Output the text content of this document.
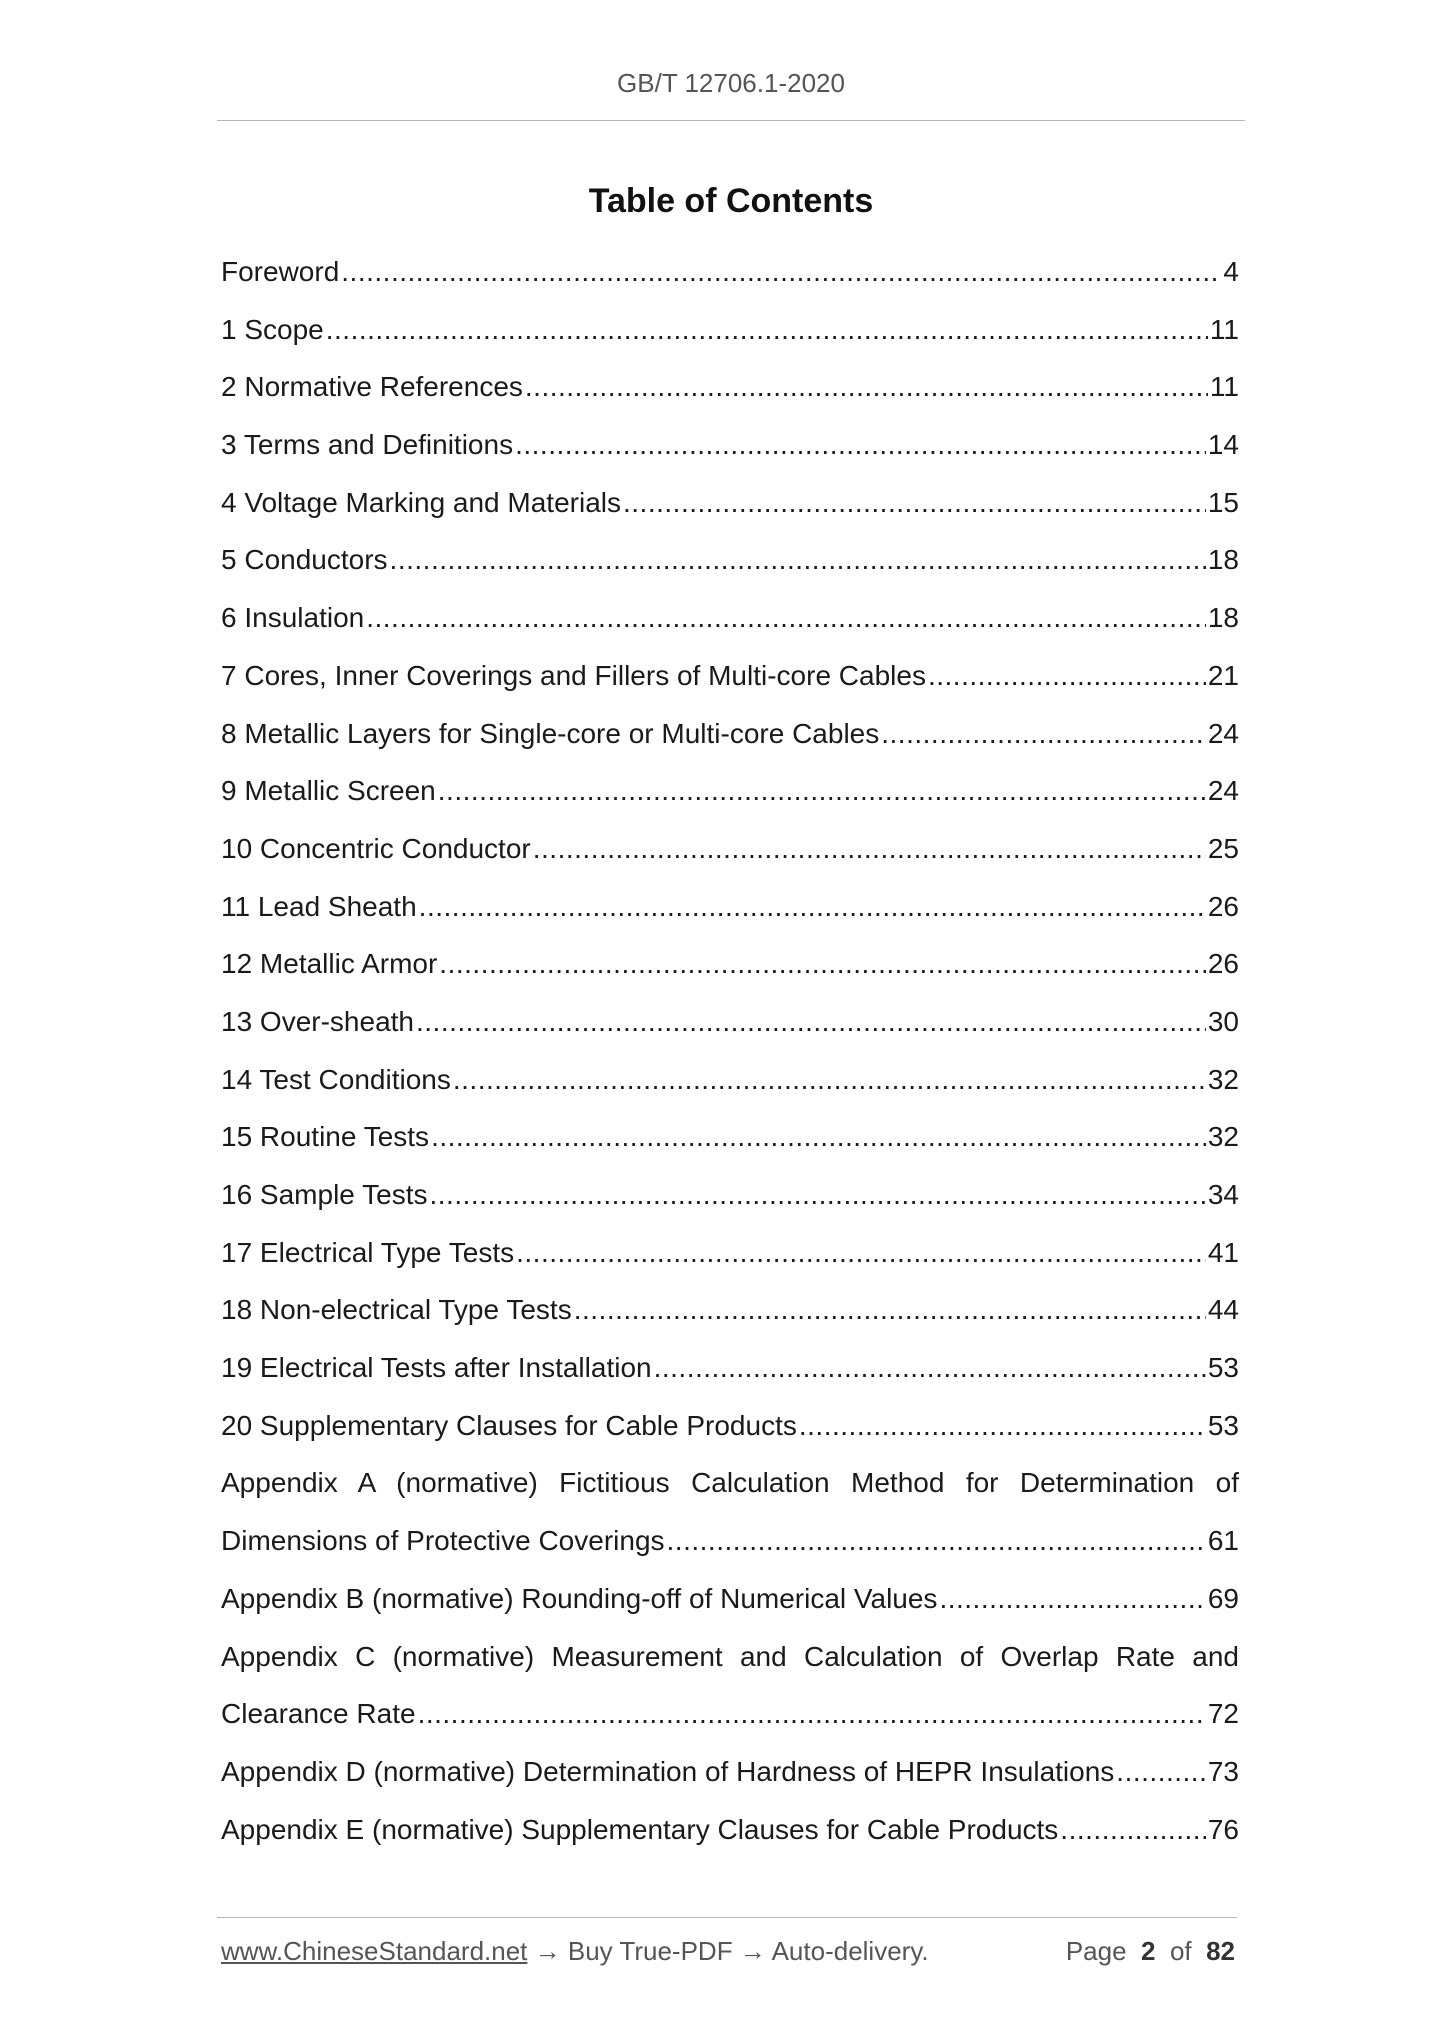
GB/T 12706.1-2020
Table of Contents
Foreword .....	4
1 Scope .....	11
2 Normative References .....	11
3 Terms and Definitions .....	14
4 Voltage Marking and Materials .....	15
5 Conductors .....	18
6 Insulation .....	18
7 Cores, Inner Coverings and Fillers of Multi-core Cables .....	21
8 Metallic Layers for Single-core or Multi-core Cables .....	24
9 Metallic Screen .....	24
10 Concentric Conductor .....	25
11 Lead Sheath .....	26
12 Metallic Armor .....	26
13 Over-sheath .....	30
14 Test Conditions .....	32
15 Routine Tests .....	32
16 Sample Tests .....	34
17 Electrical Type Tests .....	41
18 Non-electrical Type Tests .....	44
19 Electrical Tests after Installation .....	53
20 Supplementary Clauses for Cable Products .....	53
Appendix A (normative) Fictitious Calculation Method for Determination of
Dimensions of Protective Coverings .....	61
Appendix B (normative) Rounding-off of Numerical Values .....	69
Appendix C (normative) Measurement and Calculation of Overlap Rate and
Clearance Rate .....	72
Appendix D (normative) Determination of Hardness of HEPR Insulations .....	73
Appendix E (normative) Supplementary Clauses for Cable Products .....	76
www.ChineseStandard.net → Buy True-PDF → Auto-delivery.	Page 2 of 82
